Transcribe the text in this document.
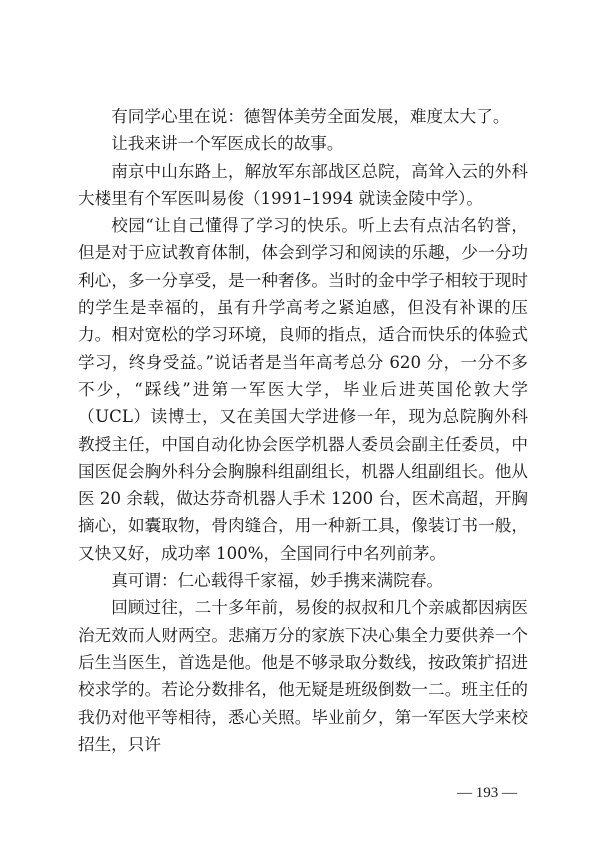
有同学心里在说：德智体美劳全面发展，难度太大了。

让我来讲一个军医成长的故事。

南京中山东路上，解放军东部战区总院，高耸入云的外科大楼里有个军医叫易俊（1991–1994 就读金陵中学）。

校园“让自己懂得了学习的快乐。听上去有点沽名钓誉，但是对于应试教育体制，体会到学习和阅读的乐趣，少一分功利心，多一分享受，是一种奢侈。当时的金中学子相较于现时的学生是幸福的，虽有升学高考之紧迫感，但没有补课的压力。相对宽松的学习环境，良师的指点，适合而快乐的体验式学习，终身受益。”说话者是当年高考总分 620 分，一分不多不少，“踩线”进第一军医大学，毕业后进英国伦敦大学（UCL）读博士，又在美国大学进修一年，现为总院胸外科教授主任，中国自动化协会医学机器人委员会副主任委员，中国医促会胸外科分会胸腺科组副组长，机器人组副组长。他从医 20 余载，做达芬奇机器人手术 1200 台，医术高超，开胸摘心，如囊取物，骨肉缝合，用一种新工具，像装订书一般，又快又好，成功率 100%，全国同行中名列前茅。

真可谓：仁心载得千家福，妙手携来满院春。

回顾过往，二十多年前，易俊的叔叔和几个亲戚都因病医治无效而人财两空。悲痛万分的家族下决心集全力要供养一个后生当医生，首选是他。他是不够录取分数线，按政策扩招进校求学的。若论分数排名，他无疑是班级倒数一二。班主任的我仍对他平等相待，悉心关照。毕业前夕，第一军医大学来校招生，只许

— 193 —
